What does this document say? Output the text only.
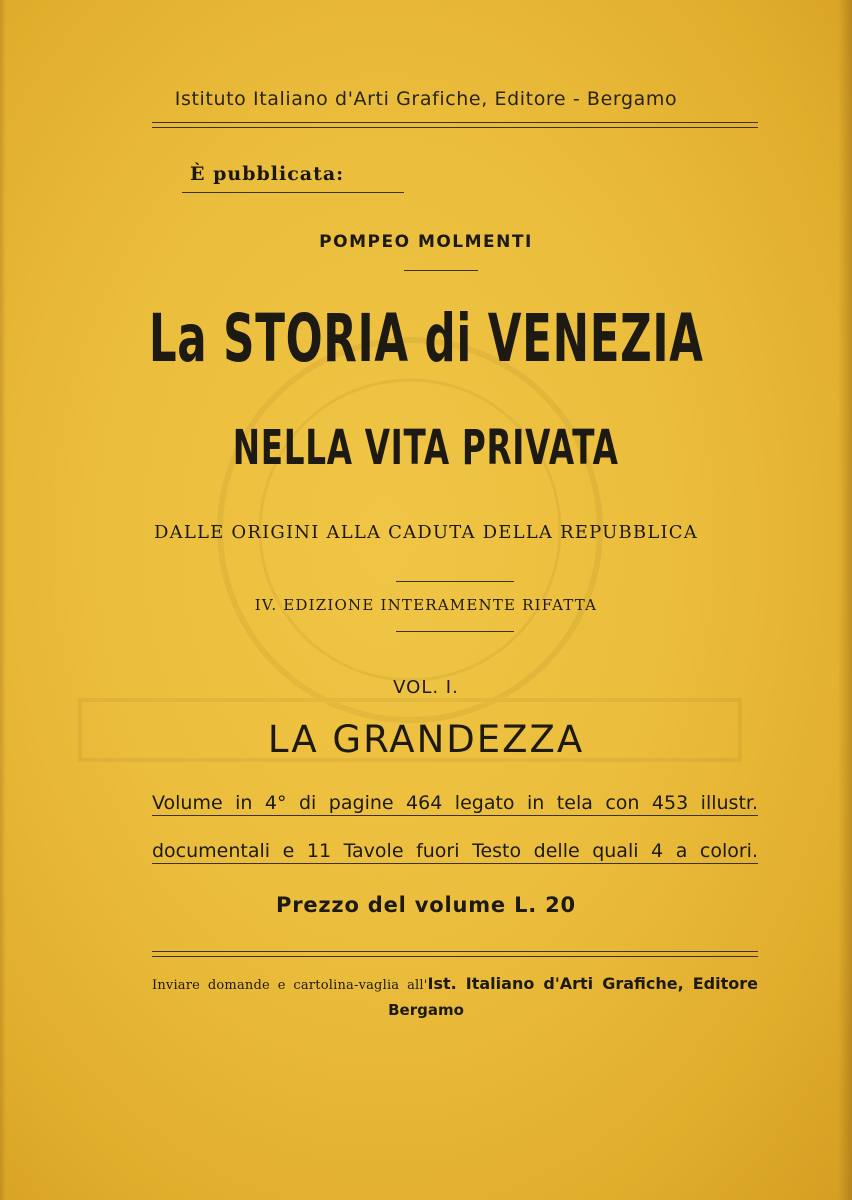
Istituto Italiano d'Arti Grafiche, Editore - Bergamo
È pubblicata:
POMPEO MOLMENTI
La STORIA di VENEZIA
NELLA VITA PRIVATA
DALLE ORIGINI ALLA CADUTA DELLA REPUBBLICA
IV. EDIZIONE INTERAMENTE RIFATTA
VOL. I.
LA GRANDEZZA
Volume in 4° di pagine 464 legato in tela con 453 illustr.
documentali e 11 Tavole fuori Testo delle quali 4 a colori.
Prezzo del volume L. 20
Inviare domande e cartolina-vaglia all'Ist. Italiano d'Arti Grafiche, Editore
Bergamo
